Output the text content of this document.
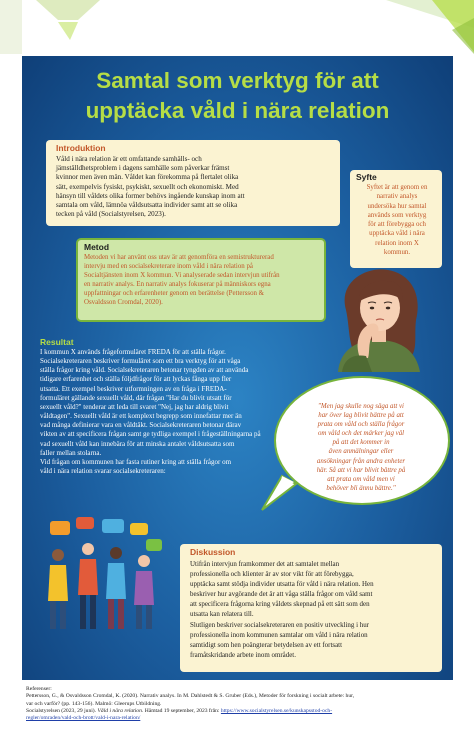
Samtal som verktyg för att
upptäcka våld i nära relation
Introduktion
Våld i nära relation är ett omfattande samhälls- och
jämställdhetsproblem i dagens samhälle som påverkar främst
kvinnor men även män. Våldet kan förekomma på flertalet olika
sätt, exempelvis fysiskt, psykiskt, sexuellt och ekonomiskt. Med
hänsyn till våldets olika former behövs ingående kunskap inom att
samtala om våld, lämnöa våldsutsatta individer samt att se olika
tecken på våld (Socialstyrelsen, 2023).
Syfte
Syftet är att genom en
narrativ analys
undersöka hur samtal
används som verktyg
för att förebygga och
upptäcka våld i nära
relation inom X
kommun.
Metod
Metoden vi har använt oss utav är att genomföra en semistrukturerad
intervju med en socialsekreterare inom våld i nära relation på
Socialtjänsten inom X kommun. Vi analyserade sedan intervjun utifrån
en narrativ analys. En narrativ analys fokuserar på människors egna
uppfattningar och erfarenheter genom en berättelse (Pettersson &
Osvaldsson Cromdal, 2020).
Resultat
I kommun X används frågeformuläret FREDA för att ställa frågor.
Socialsekreteraren beskriver formuläret som ett bra verktyg för att våga
ställa frågor kring våld. Socialsekreteraren betonar tyngden av att använda
tidigare erfarenhet och ställa följdfrågor för att lyckas fånga upp fler
utsatta. Ett exempel beskriver utformningen av en fråga i FREDA-
formuläret gällande sexuellt våld, där frågan "Har du blivit utsatt för
sexuellt våld?" tenderar att leda till svaret "Nej, jag har aldrig blivit
våldtagen". Sexuellt våld är ett komplext begrepp som innefattar mer än
vad många definierar vara en våldtäkt. Socialsekreteraren betonar därav
vikten av att specificera frågan samt ge tydliga exempel i frågeställningarna på
vad sexuellt våld kan innebära för att minska antalet våldsutsatta som
faller mellan stolarna.
Vid frågan om kommunen har fasta rutiner kring att ställa frågor om
våld i nära relation svarar socialsekreteraren:
"Men jag skulle nog säga att vi
har över lag blivit bättre på att
prata om våld och ställa frågor
om våld och det märker jag väl
på att det kommer in
även anmälningar eller
ansökningar från andra enheter
här. Så att vi har blivit bättre på
att prata om våld men vi
behöver bli ännu bättre."
Diskussion
Utifrån intervjun framkommer det att samtalet mellan
professionella och klienter är av stor vikt för att förebygga,
upptäcka samt stödja individer utsatta för våld i nära relation. Hen
beskriver hur avgörande det är att våga ställa frågor om våld samt
att specificera frågorna kring våldets skepnad på ett sätt som den
utsatta kan relatera till.
Slutligen beskriver socialsekreteraren en positiv utveckling i hur
professionella inom kommunen samtalar om våld i nära relation
samtidigt som hen poängterar betydelsen av ett fortsatt
framåtskridande arbete inom området.
Referenser:
Pettersson, G., & Osvaldsson Cromdal, K. (2020). Narrativ analys. In M. Dahlstedt & S. Gruber (Eds.), Metoder för forskning i socialt arbete: hur,
var och varför? (pp. 143-156). Malmö: Gleerups Utbildning.
Socialstyrelsen (2023, 29 juni). Våld i nära relation. Hämtad 19 september, 2023 från: https://www.socialstyrelsen.se/kunskapsstod-och-
regler/omraden/vald-och-brott/vald-i-nara-relation/
